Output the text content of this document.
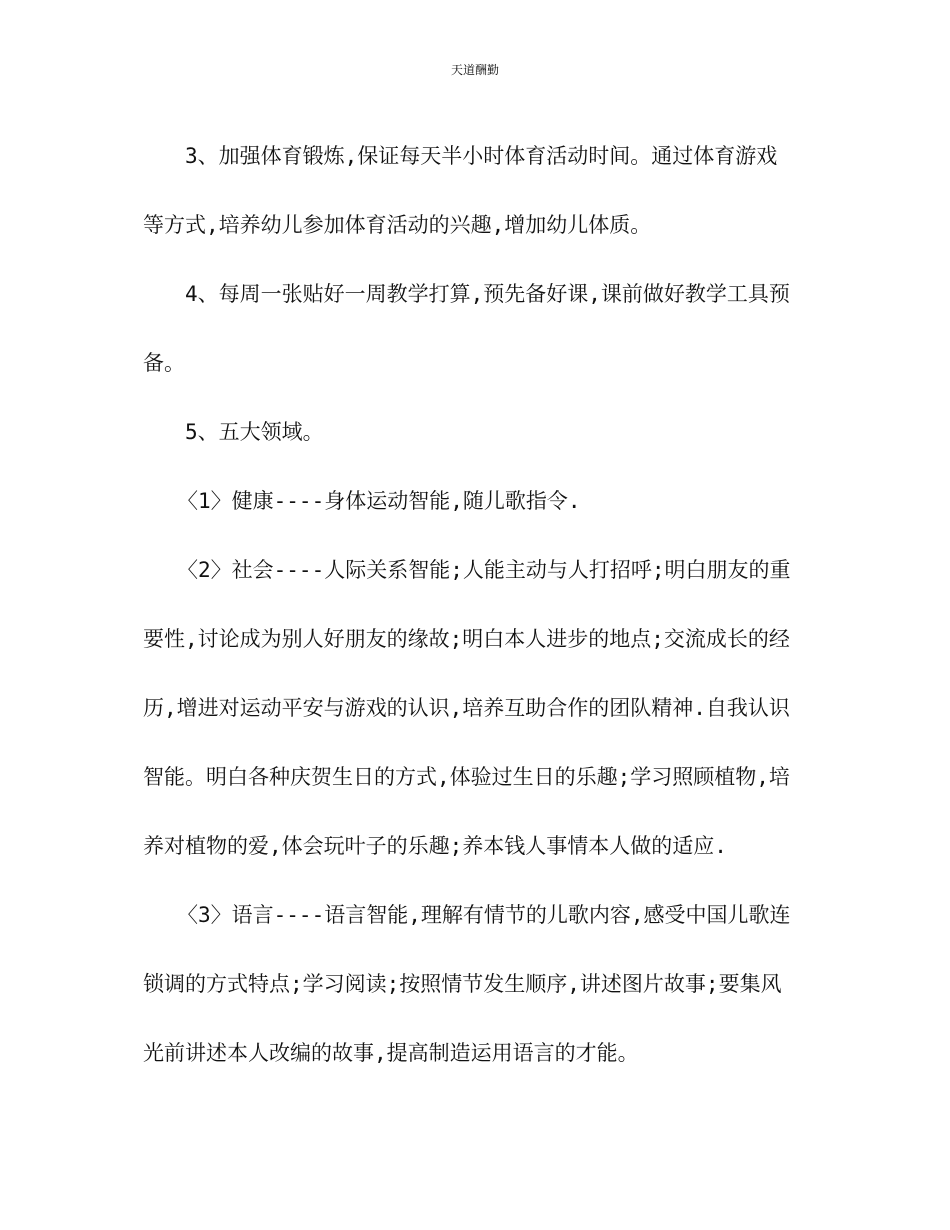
天道酬勤
3、加强体育锻炼,保证每天半小时体育活动时间。通过体育游戏
等方式,培养幼儿参加体育活动的兴趣,增加幼儿体质。
4、每周一张贴好一周教学打算,预先备好课,课前做好教学工具预
备。
5、五大领域。
〈1〉健康----身体运动智能,随儿歌指令.
〈2〉社会----人际关系智能;人能主动与人打招呼;明白朋友的重
要性,讨论成为别人好朋友的缘故;明白本人进步的地点;交流成长的经
历,增进对运动平安与游戏的认识,培养互助合作的团队精神.自我认识
智能。明白各种庆贺生日的方式,体验过生日的乐趣;学习照顾植物,培
养对植物的爱,体会玩叶子的乐趣;养本钱人事情本人做的适应.
〈3〉语言----语言智能,理解有情节的儿歌内容,感受中国儿歌连
锁调的方式特点;学习阅读;按照情节发生顺序,讲述图片故事;要集风
光前讲述本人改编的故事,提高制造运用语言的才能。
